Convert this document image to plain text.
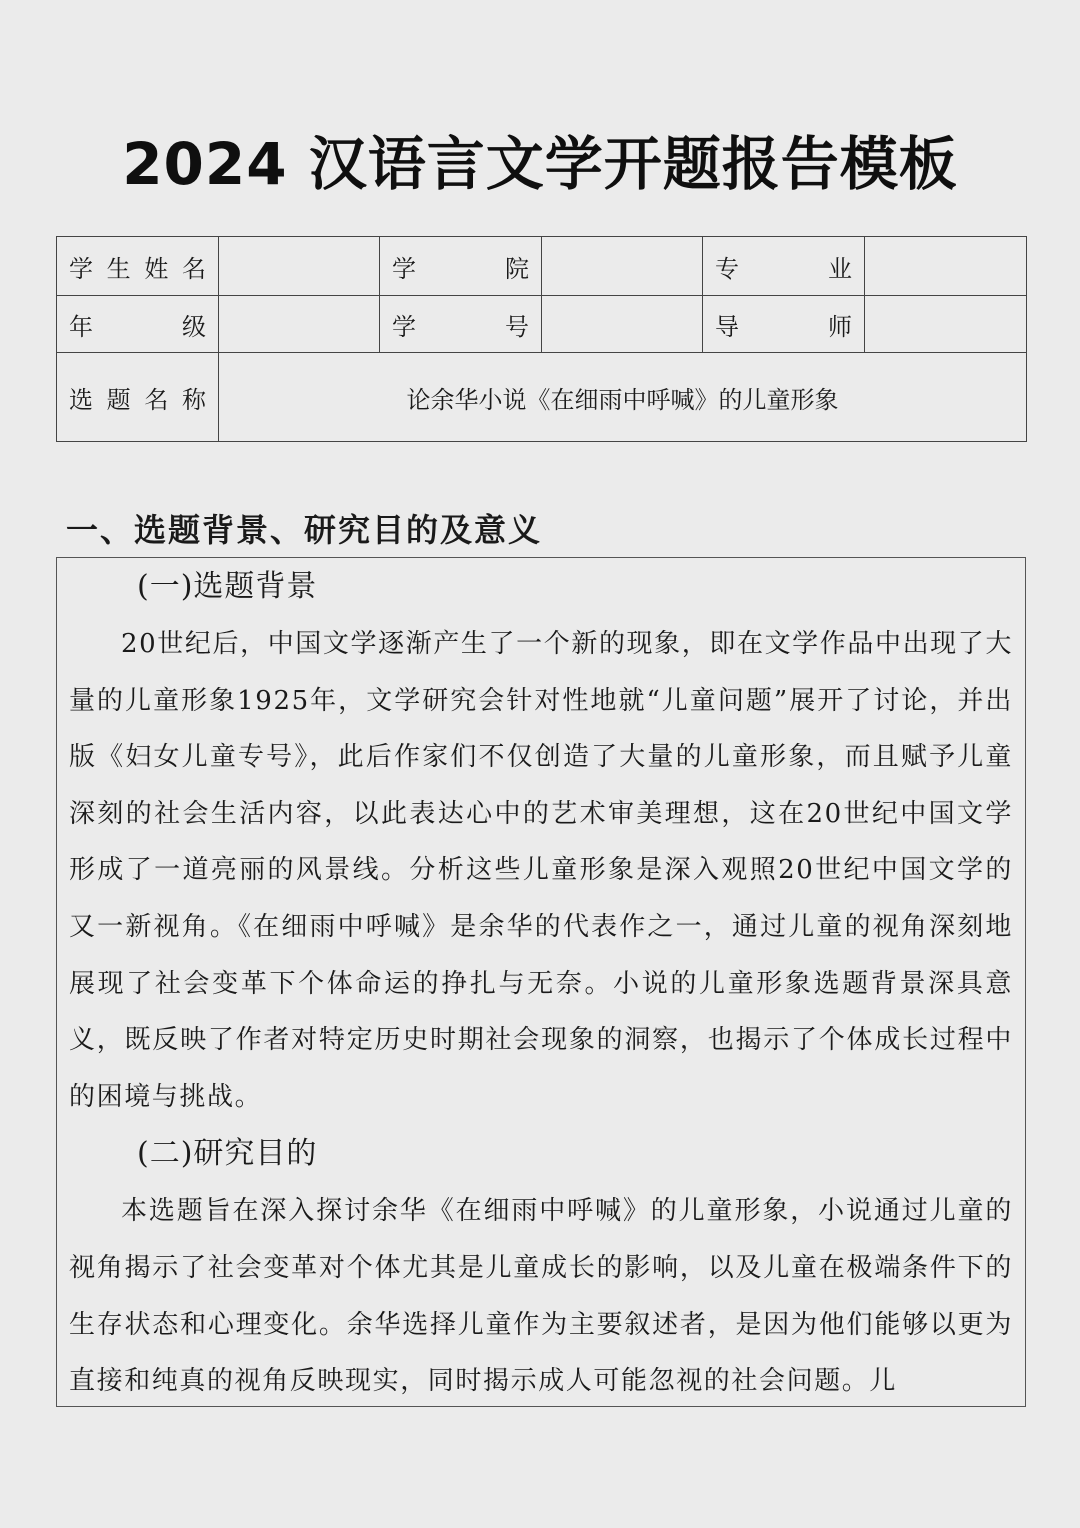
2024 汉语言文学开题报告模板
学 生 姓 名		学 院		专 业	

年 级		学 号		导 师	

选 题 名 称	论余华小说《在细雨中呼喊》的儿童形象				
一、选题背景、研究目的及意义
(一)选题背景

20世纪后，中国文学逐渐产生了一个新的现象，即在文学作品中出现了大量的儿童形象1925年，文学研究会针对性地就“儿童问题”展开了讨论，并出版《妇女儿童专号》，此后作家们不仅创造了大量的儿童形象，而且赋予儿童深刻的社会生活内容，以此表达心中的艺术审美理想，这在20世纪中国文学形成了一道亮丽的风景线。分析这些儿童形象是深入观照20世纪中国文学的又一新视角。《在细雨中呼喊》是余华的代表作之一，通过儿童的视角深刻地展现了社会变革下个体命运的挣扎与无奈。小说的儿童形象选题背景深具意义，既反映了作者对特定历史时期社会现象的洞察，也揭示了个体成长过程中的困境与挑战。

(二)研究目的

本选题旨在深入探讨余华《在细雨中呼喊》的儿童形象，小说通过儿童的视角揭示了社会变革对个体尤其是儿童成长的影响，以及儿童在极端条件下的生存状态和心理变化。余华选择儿童作为主要叙述者，是因为他们能够以更为直接和纯真的视角反映现实，同时揭示成人可能忽视的社会问题。儿
